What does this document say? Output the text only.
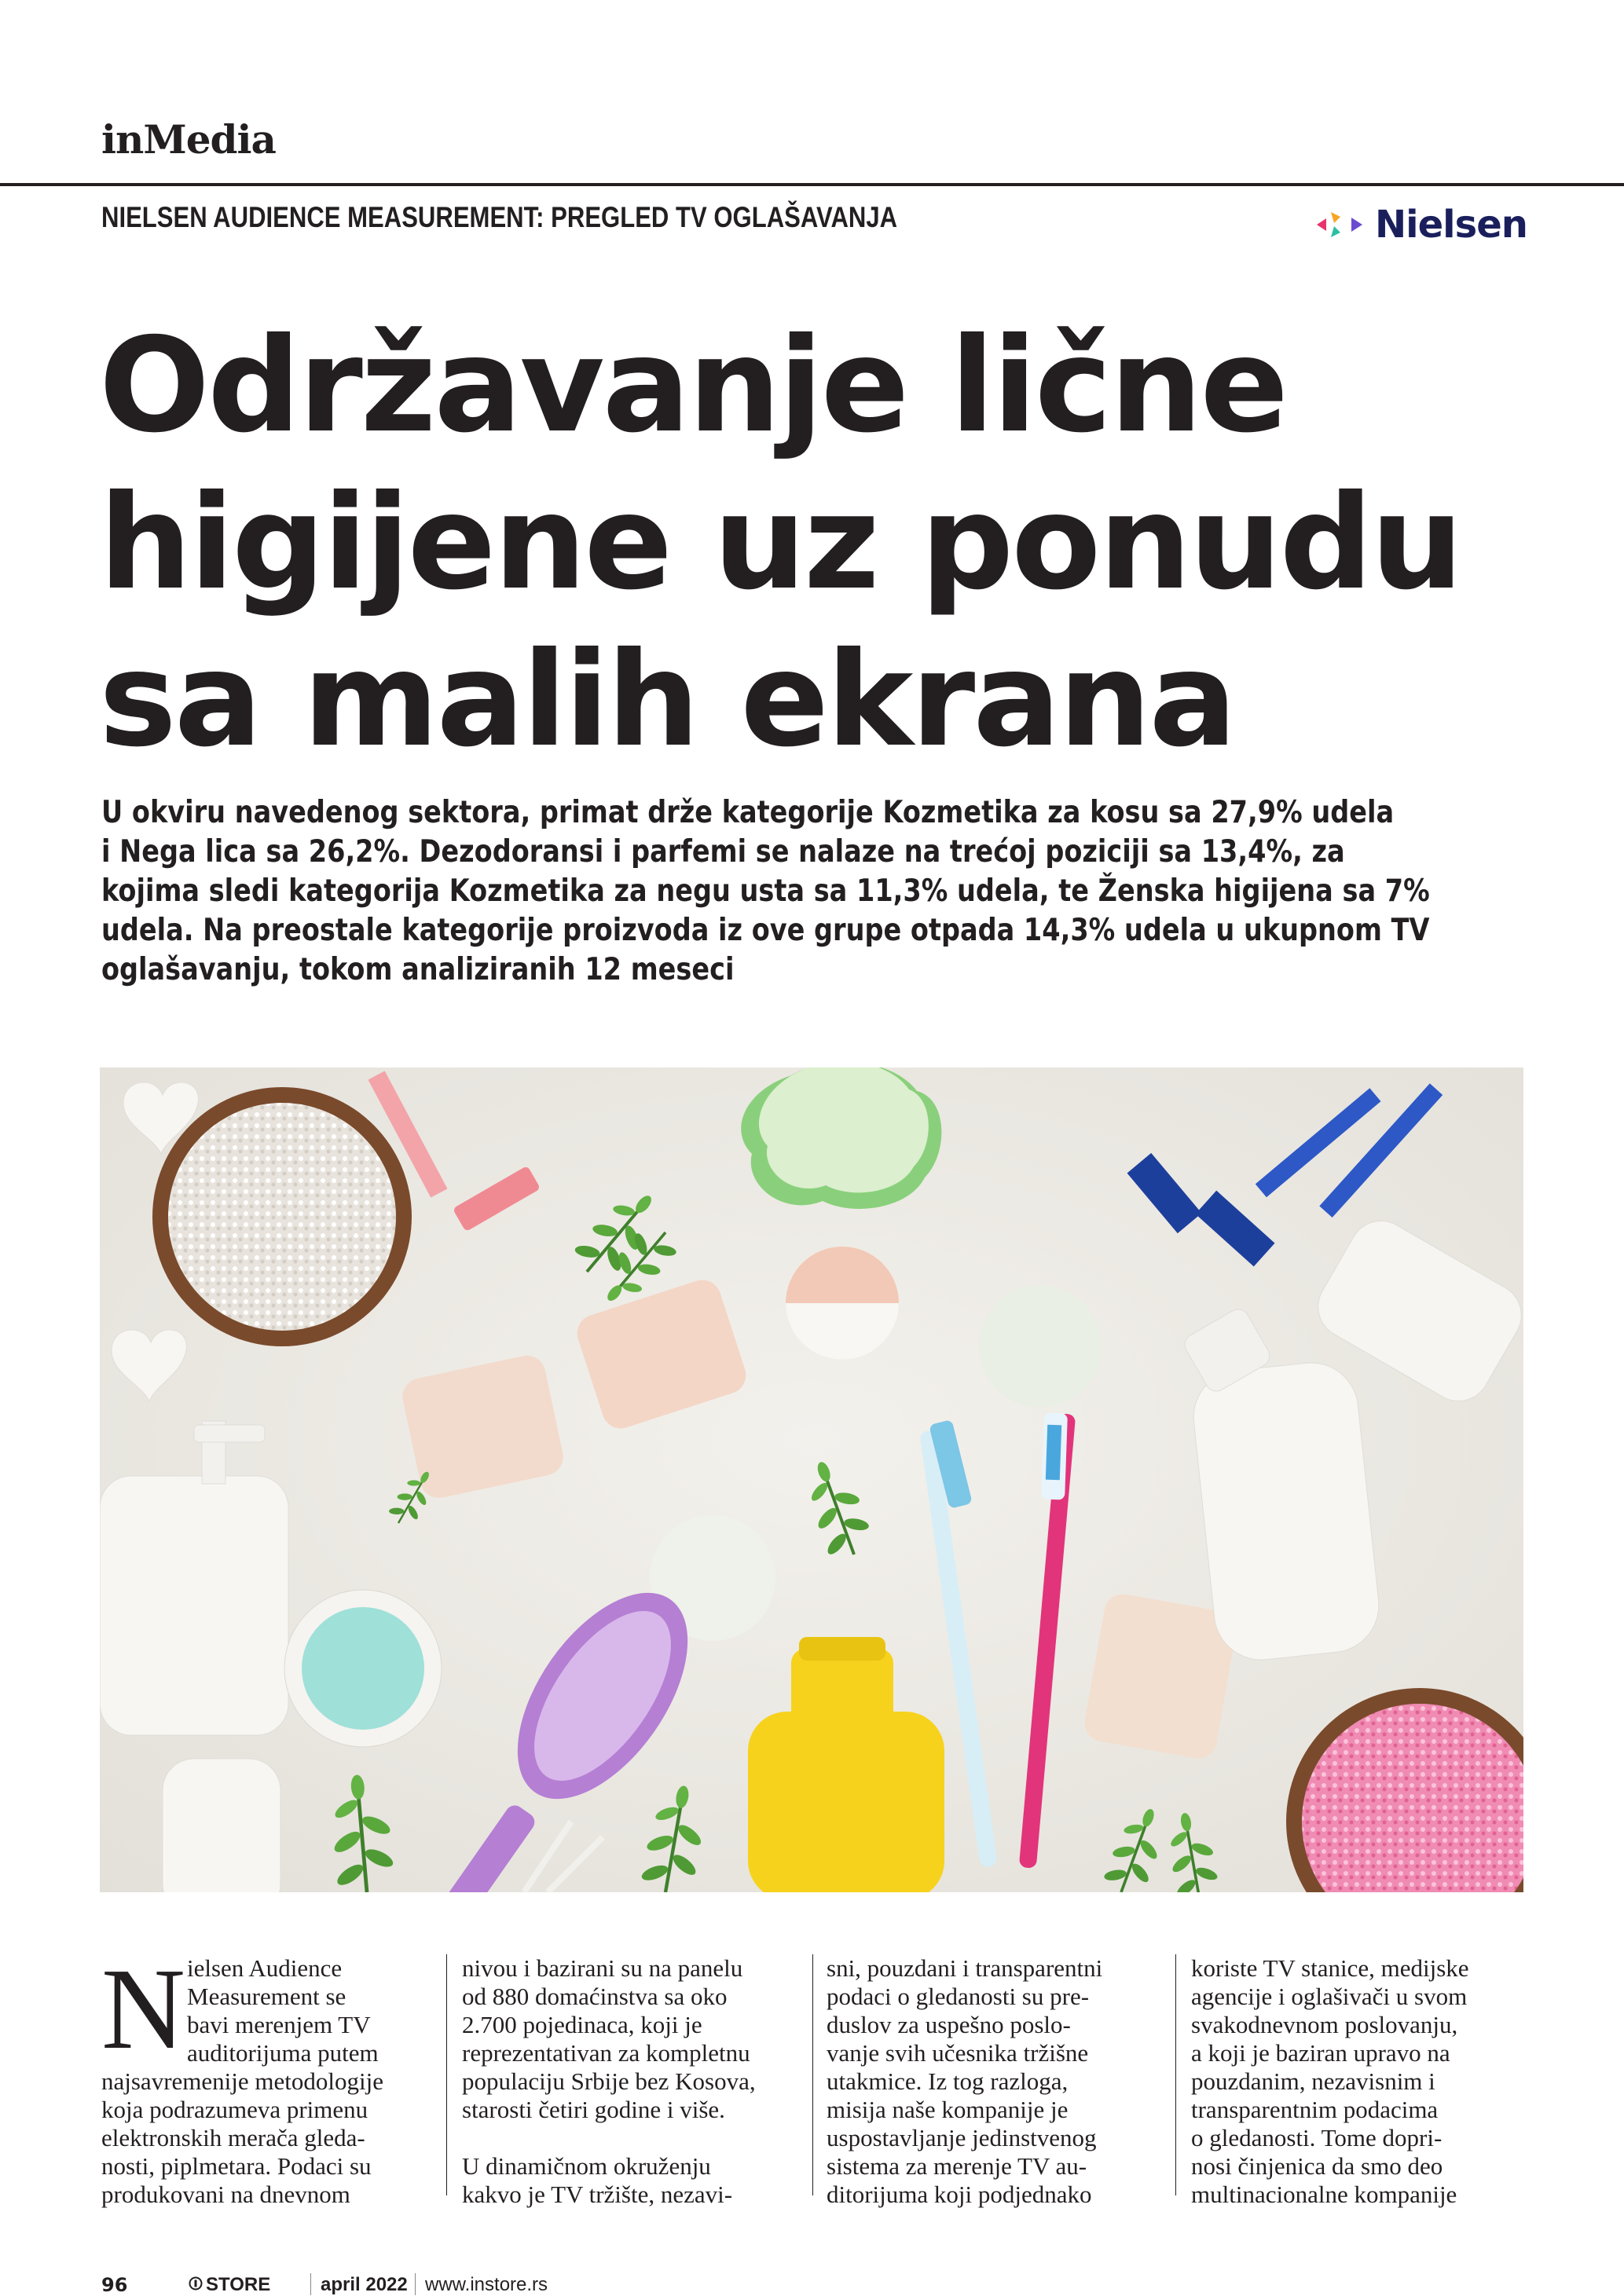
inMedia
NIELSEN AUDIENCE MEASUREMENT: PREGLED TV OGLAŠAVANJA	Nielsen
Održavanje lične
higijene uz ponudu
sa malih ekrana
U okviru navedenog sektora, primat drže kategorije Kozmetika za kosu sa 27,9% udela
i Nega lica sa 26,2%. Dezodoransi i parfemi se nalaze na trećoj poziciji sa 13,4%, za
kojima sledi kategorija Kozmetika za negu usta sa 11,3% udela, te Ženska higijena sa 7%
udela. Na preostale kategorije proizvoda iz ove grupe otpada 14,3% udela u ukupnom TV
oglašavanju, tokom analiziranih 12 meseci
N ielsen Audience
Measurement se
bavi merenjem TV
auditorijuma putem
najsavremenije metodologije
koja podrazumeva primenu
elektronskih merača gleda-
nosti, piplmetara. Podaci su
produkovani na dnevnom
nivou i bazirani su na panelu
od 880 domaćinstva sa oko
2.700 pojedinaca, koji je
reprezentativan za kompletnu
populaciju Srbije bez Kosova,
starosti četiri godine i više.
U dinamičnom okruženju
kakvo je TV tržište, nezavi-
sni, pouzdani i transparentni
podaci o gledanosti su pre-
duslov za uspešno poslo-
vanje svih učesnika tržišne
utakmice. Iz tog razloga,
misija naše kompanije je
uspostavljanje jedinstvenog
sistema za merenje TV au-
ditorijuma koji podjednako
koriste TV stanice, medijske
agencije i oglašivači u svom
svakodnevnom poslovanju,
a koji je baziran upravo na
pouzdanim, nezavisnim i
transparentnim podacima
o gledanosti. Tome dopri-
nosi činjenica da smo deo
multinacionalne kompanije
96	STORE	april 2022 www.instore.rs
